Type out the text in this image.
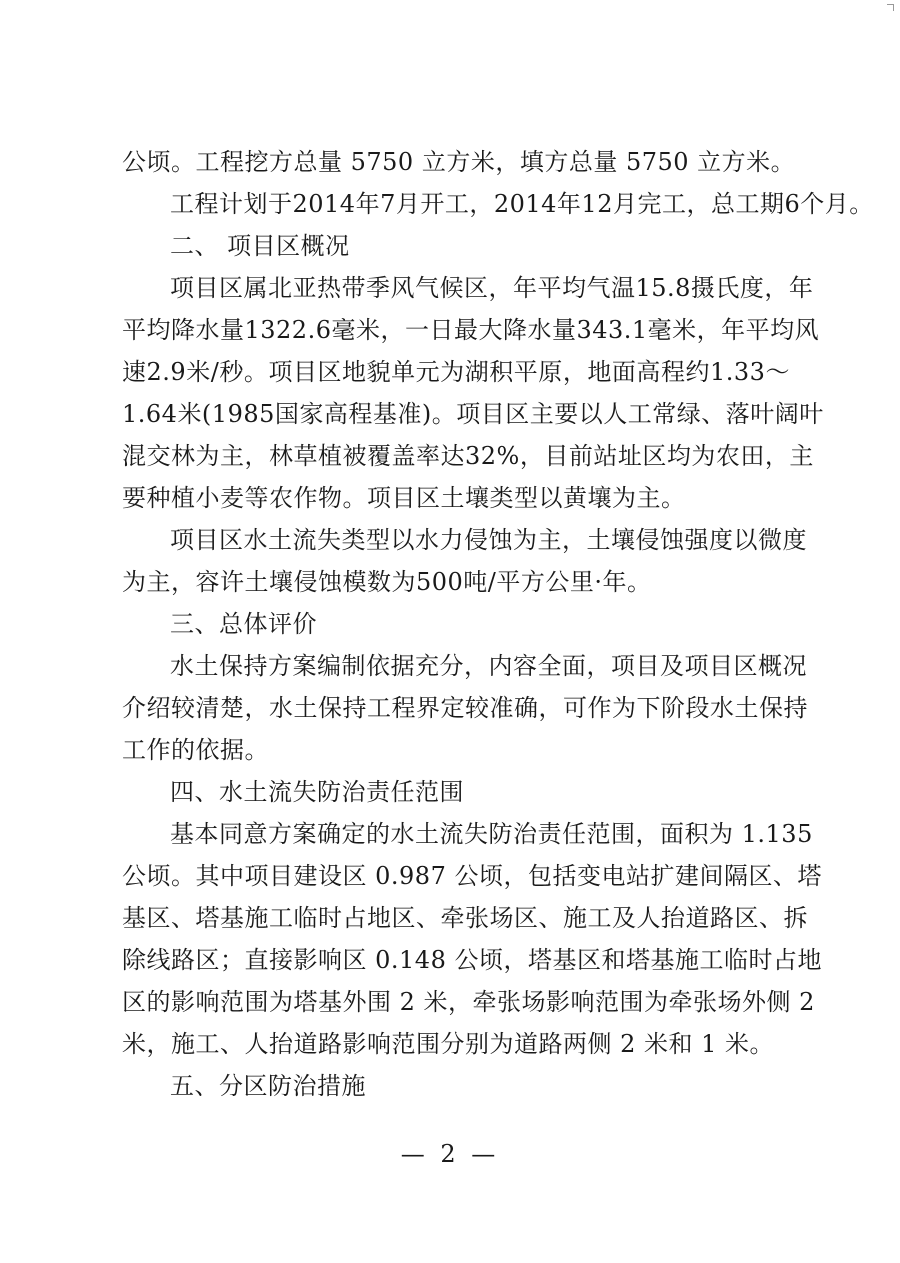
公顷。工程挖方总量 5750 立方米，填方总量 5750 立方米。
工程计划于2014年7月开工，2014年12月完工，总工期6个月。
二、 项目区概况
项目区属北亚热带季风气候区，年平均气温15.8摄氏度，年
平均降水量1322.6毫米，一日最大降水量343.1毫米，年平均风
速2.9米/秒。项目区地貌单元为湖积平原，地面高程约1.33～
1.64米(1985国家高程基准)。项目区主要以人工常绿、落叶阔叶
混交林为主，林草植被覆盖率达32%，目前站址区均为农田，主
要种植小麦等农作物。项目区土壤类型以黄壤为主。
项目区水土流失类型以水力侵蚀为主，土壤侵蚀强度以微度
为主，容许土壤侵蚀模数为500吨/平方公里·年。
三、总体评价
水土保持方案编制依据充分，内容全面，项目及项目区概况
介绍较清楚，水土保持工程界定较准确，可作为下阶段水土保持
工作的依据。
四、水土流失防治责任范围
基本同意方案确定的水土流失防治责任范围，面积为 1.135
公顷。其中项目建设区 0.987 公顷，包括变电站扩建间隔区、塔
基区、塔基施工临时占地区、牵张场区、施工及人抬道路区、拆
除线路区；直接影响区 0.148 公顷，塔基区和塔基施工临时占地
区的影响范围为塔基外围 2 米，牵张场影响范围为牵张场外侧 2
米，施工、人抬道路影响范围分别为道路两侧 2 米和 1 米。
五、分区防治措施
— 2 —
